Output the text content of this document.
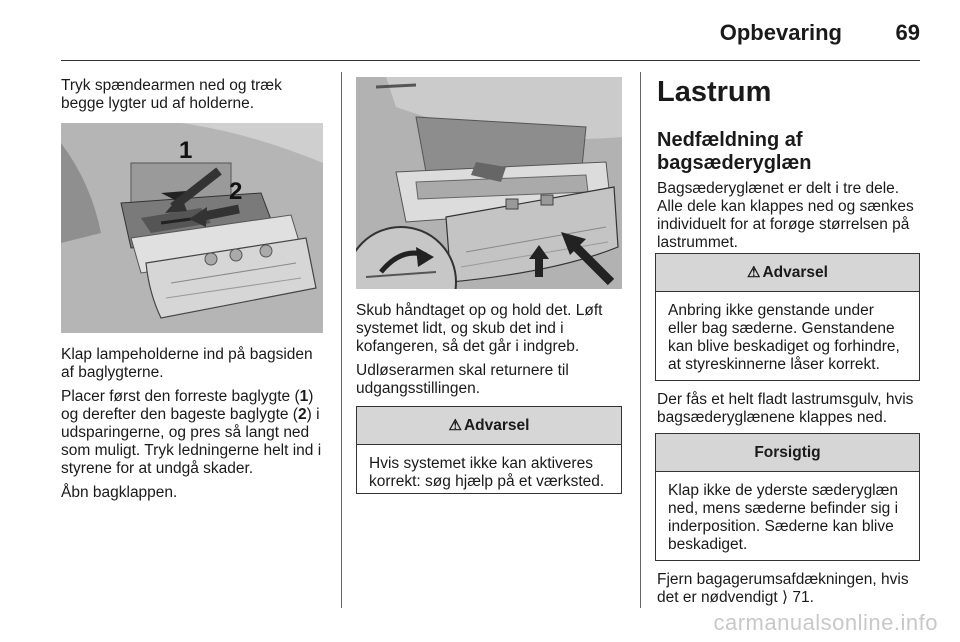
Opbevaring 69

Tryk spændearmen ned og træk begge lygter ud af holderne.

1
2

Klap lampeholderne ind på bagsiden af baglygterne.

Placer først den forreste baglygte (1) og derefter den bageste baglygte (2) i udsparingerne, og pres så langt ned som muligt. Tryk ledningerne helt ind i styrene for at undgå skader.

Åbn bagklappen.

Skub håndtaget op og hold det. Løft systemet lidt, og skub det ind i kofangeren, så det går i indgreb.

Udløserarmen skal returnere til udgangsstillingen.

⚠ Advarsel
Hvis systemet ikke kan aktiveres korrekt: søg hjælp på et værksted.
Lastrum
Nedfældning af bagsæderyglæn

Bagsæderyglænet er delt i tre dele. Alle dele kan klappes ned og sænkes individuelt for at forøge størrelsen på lastrummet.

⚠ Advarsel
Anbring ikke genstande under eller bag sæderne. Genstandene kan blive beskadiget og forhindre, at styreskinnerne låser korrekt.

Der fås et helt fladt lastrumsgulv, hvis bagsæderyglænene klappes ned.

Forsigtig
Klap ikke de yderste sæderyglæn ned, mens sæderne befinder sig i inderposition. Sæderne kan blive beskadiget.

Fjern bagagerumsafdækningen, hvis det er nødvendigt ⟩ 71.

carmanualsonline.info
